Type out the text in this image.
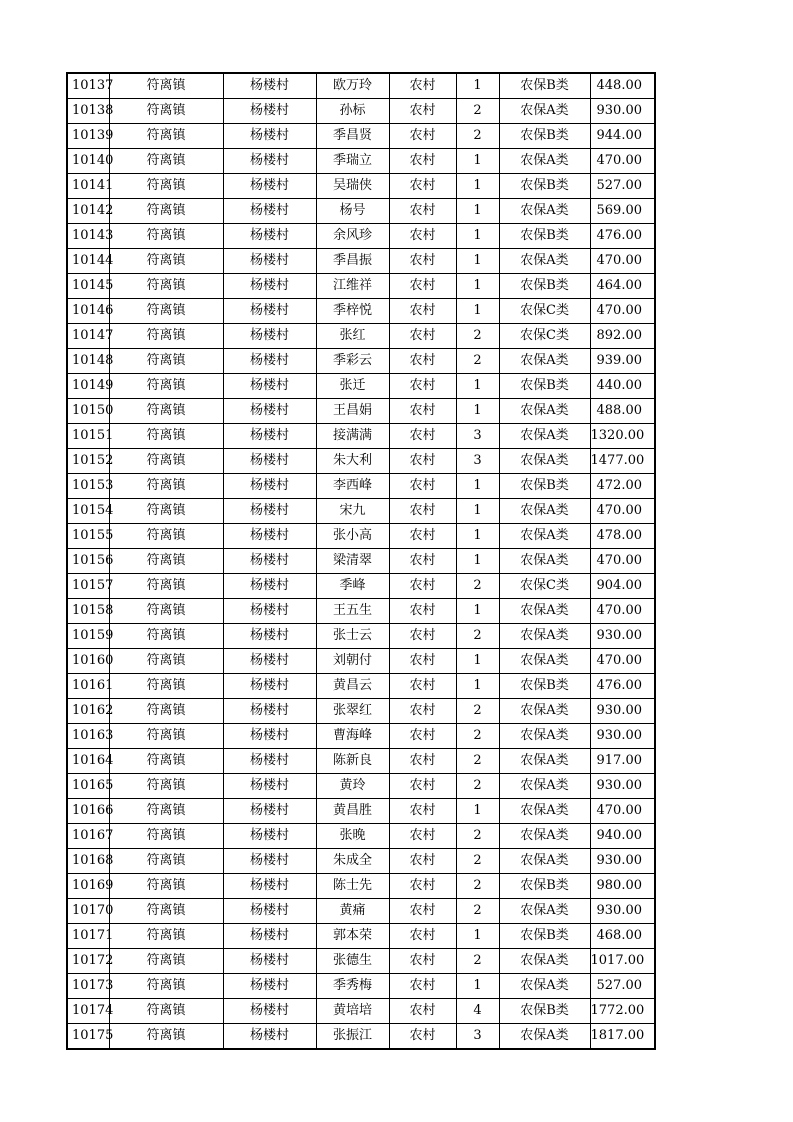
10137	符离镇	杨楼村	欧万玲	农村	1	农保B类	448.00
10138	符离镇	杨楼村	孙标	农村	2	农保A类	930.00
10139	符离镇	杨楼村	季昌贤	农村	2	农保B类	944.00
10140	符离镇	杨楼村	季瑞立	农村	1	农保A类	470.00
10141	符离镇	杨楼村	吴瑞侠	农村	1	农保B类	527.00
10142	符离镇	杨楼村	杨号	农村	1	农保A类	569.00
10143	符离镇	杨楼村	余风珍	农村	1	农保B类	476.00
10144	符离镇	杨楼村	季昌振	农村	1	农保A类	470.00
10145	符离镇	杨楼村	江维祥	农村	1	农保B类	464.00
10146	符离镇	杨楼村	季梓悦	农村	1	农保C类	470.00
10147	符离镇	杨楼村	张红	农村	2	农保C类	892.00
10148	符离镇	杨楼村	季彩云	农村	2	农保A类	939.00
10149	符离镇	杨楼村	张迁	农村	1	农保B类	440.00
10150	符离镇	杨楼村	王昌娟	农村	1	农保A类	488.00
10151	符离镇	杨楼村	接满满	农村	3	农保A类	1320.00
10152	符离镇	杨楼村	朱大利	农村	3	农保A类	1477.00
10153	符离镇	杨楼村	李西峰	农村	1	农保B类	472.00
10154	符离镇	杨楼村	宋九	农村	1	农保A类	470.00
10155	符离镇	杨楼村	张小高	农村	1	农保A类	478.00
10156	符离镇	杨楼村	梁清翠	农村	1	农保A类	470.00
10157	符离镇	杨楼村	季峰	农村	2	农保C类	904.00
10158	符离镇	杨楼村	王五生	农村	1	农保A类	470.00
10159	符离镇	杨楼村	张士云	农村	2	农保A类	930.00
10160	符离镇	杨楼村	刘朝付	农村	1	农保A类	470.00
10161	符离镇	杨楼村	黄昌云	农村	1	农保B类	476.00
10162	符离镇	杨楼村	张翠红	农村	2	农保A类	930.00
10163	符离镇	杨楼村	曹海峰	农村	2	农保A类	930.00
10164	符离镇	杨楼村	陈新良	农村	2	农保A类	917.00
10165	符离镇	杨楼村	黄玲	农村	2	农保A类	930.00
10166	符离镇	杨楼村	黄昌胜	农村	1	农保A类	470.00
10167	符离镇	杨楼村	张晚	农村	2	农保A类	940.00
10168	符离镇	杨楼村	朱成全	农村	2	农保A类	930.00
10169	符离镇	杨楼村	陈士先	农村	2	农保B类	980.00
10170	符离镇	杨楼村	黄痛	农村	2	农保A类	930.00
10171	符离镇	杨楼村	郭本荣	农村	1	农保B类	468.00
10172	符离镇	杨楼村	张德生	农村	2	农保A类	1017.00
10173	符离镇	杨楼村	季秀梅	农村	1	农保A类	527.00
10174	符离镇	杨楼村	黄培培	农村	4	农保B类	1772.00
10175	符离镇	杨楼村	张振江	农村	3	农保A类	1817.00
